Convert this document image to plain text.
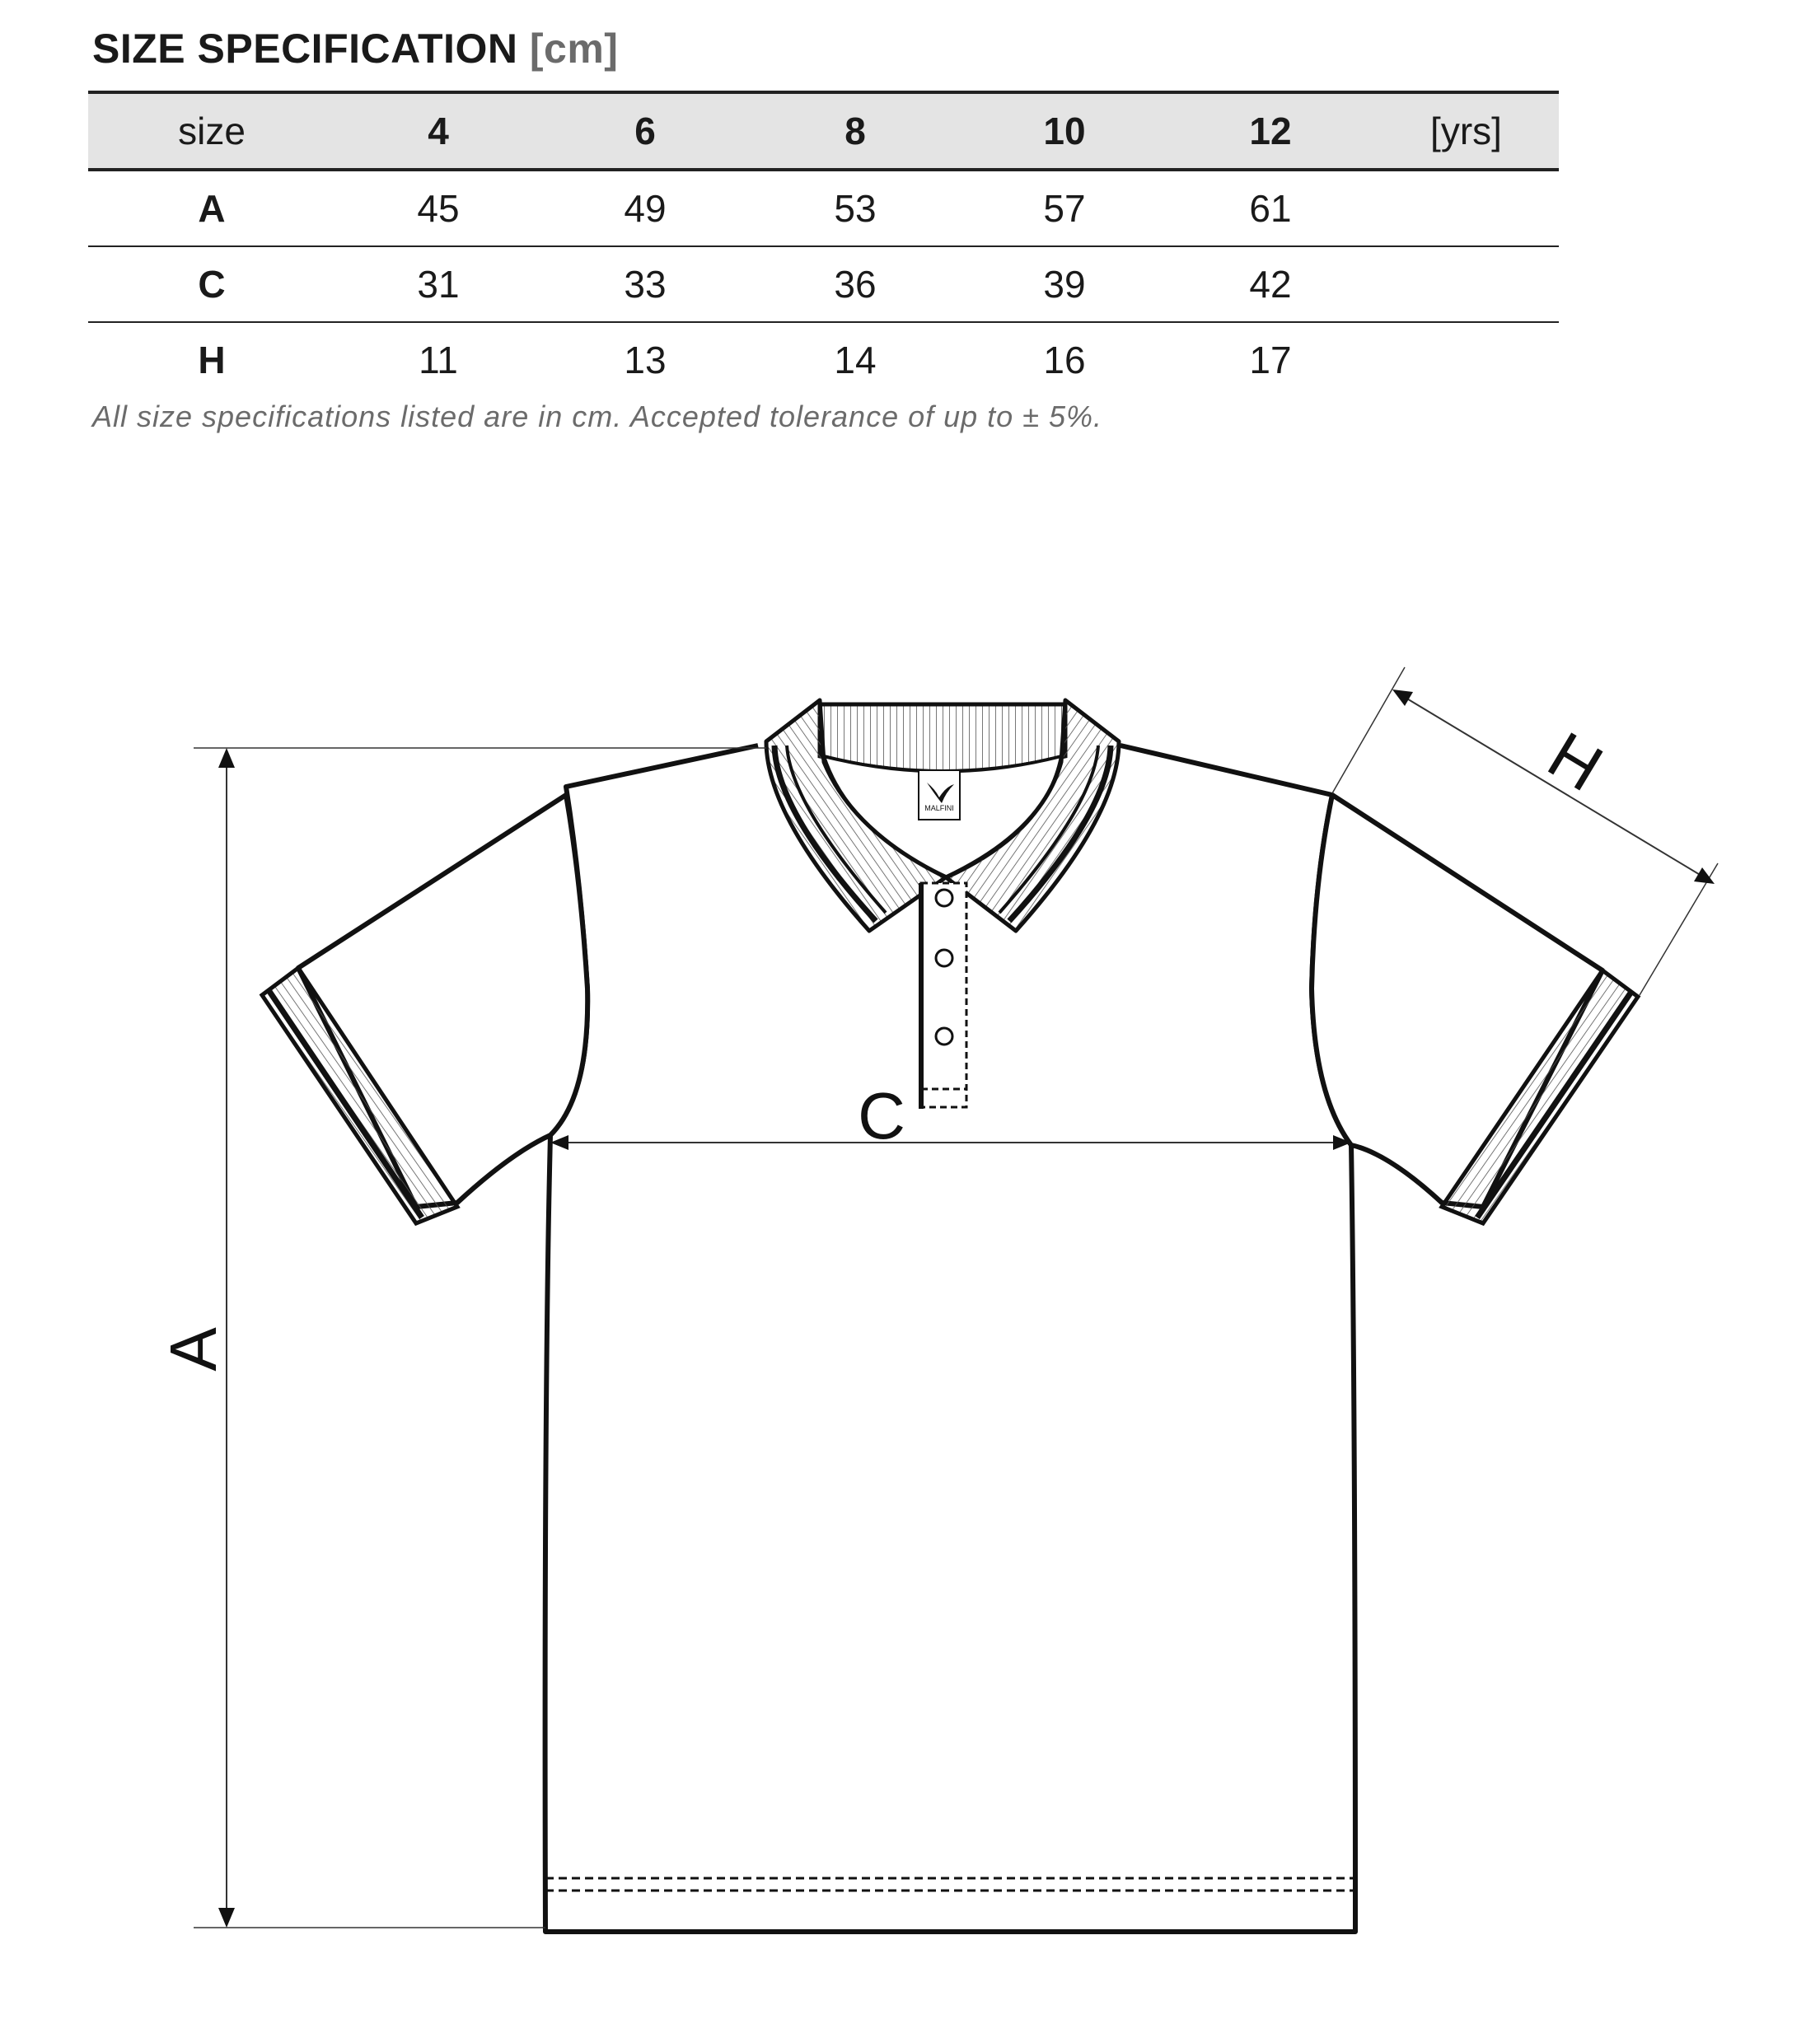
SIZE SPECIFICATION [cm]
size	4	6	8	10	12	[yrs]
A	45	49	53	57	61
C	31	33	36	39	42
H	11	13	14	16	17
All size specifications listed are in cm. Accepted tolerance of up to ± 5%.
MALFINI
A
C
H
